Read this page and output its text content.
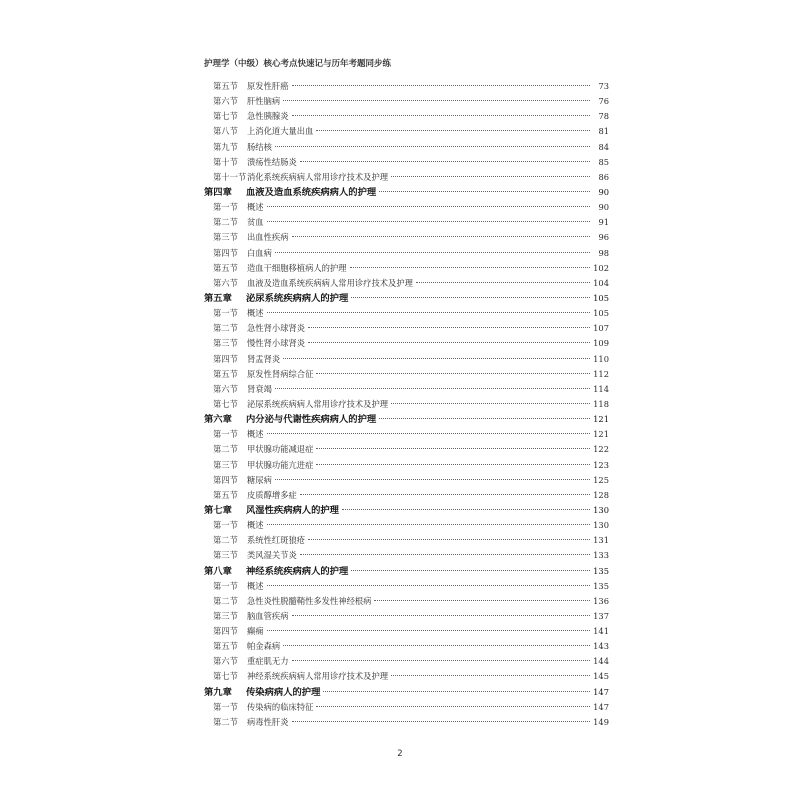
护理学（中级）核心考点快速记与历年考题同步练
第五节	原发性肝癌	73
第六节	肝性脑病	76
第七节	急性胰腺炎	78
第八节	上消化道大量出血	81
第九节	肠结核	84
第十节	溃疡性结肠炎	85
第十一节 消化系统疾病病人常用诊疗技术及护理	86
第四章	血液及造血系统疾病病人的护理	90
第一节	概述	90
第二节	贫血	91
第三节	出血性疾病	96
第四节	白血病	98
第五节	造血干细胞移植病人的护理	102
第六节	血液及造血系统疾病病人常用诊疗技术及护理	104
第五章	泌尿系统疾病病人的护理	105
第一节	概述	105
第二节	急性肾小球肾炎	107
第三节	慢性肾小球肾炎	109
第四节	肾盂肾炎	110
第五节	原发性肾病综合征	112
第六节	肾衰竭	114
第七节	泌尿系统疾病病人常用诊疗技术及护理	118
第六章	内分泌与代谢性疾病病人的护理	121
第一节	概述	121
第二节	甲状腺功能减退症	122
第三节	甲状腺功能亢进症	123
第四节	糖尿病	125
第五节	皮质醇增多症	128
第七章	风湿性疾病病人的护理	130
第一节	概述	130
第二节	系统性红斑狼疮	131
第三节	类风湿关节炎	133
第八章	神经系统疾病病人的护理	135
第一节	概述	135
第二节	急性炎性脱髓鞘性多发性神经根病	136
第三节	脑血管疾病	137
第四节	癫痫	141
第五节	帕金森病	143
第六节	重症肌无力	144
第七节	神经系统疾病病人常用诊疗技术及护理	145
第九章	传染病病人的护理	147
第一节	传染病的临床特征	147
第二节	病毒性肝炎	149
2
